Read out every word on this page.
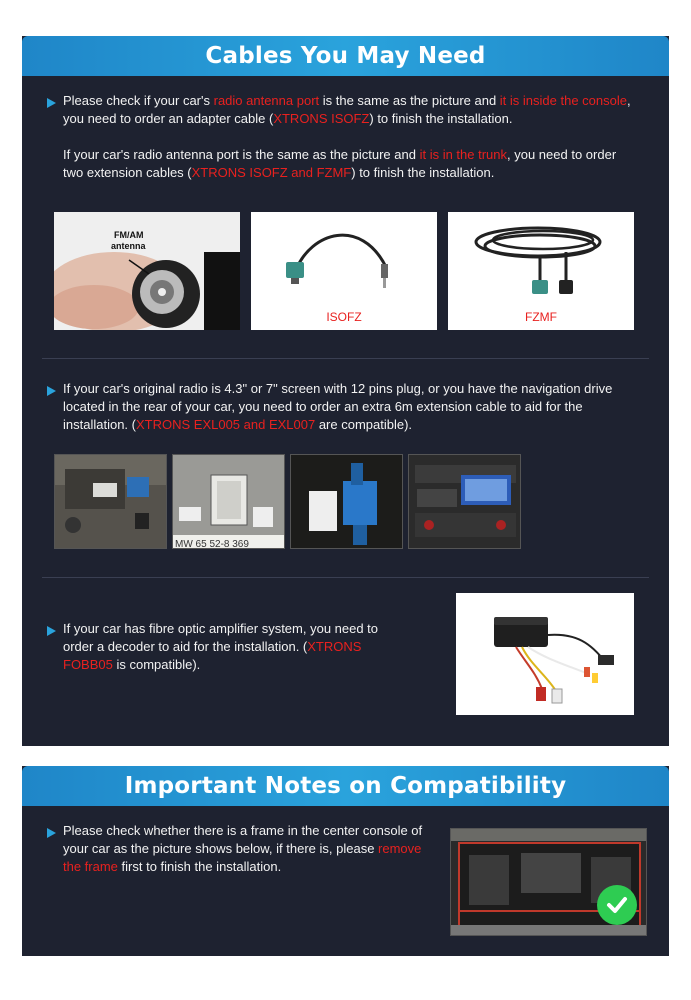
Cables You May Need
Please check if your car's radio antenna port is the same as the picture and it is inside the console, you need to order an adapter cable (XTRONS ISOFZ) to finish the installation.
If your car's radio antenna port is the same as the picture and it is in the trunk, you need to order two extension cables (XTRONS ISOFZ and FZMF) to finish the installation.
FM/AM
antenna
ISOFZ	FZMF
If your car's original radio is 4.3" or 7" screen with 12 pins plug, or you have the navigation drive located in the rear of your car, you need to order an extra 6m extension cable to aid for the installation. (XTRONS EXL005 and EXL007 are compatible).
MW 65 52-8 369
If your car has fibre optic amplifier system, you need to order a decoder to aid for the installation. (XTRONS FOBB05 is compatible).
Important Notes on Compatibility
Please check whether there is a frame in the center console of your car as the picture shows below, if there is, please remove the frame first to finish the installation.
